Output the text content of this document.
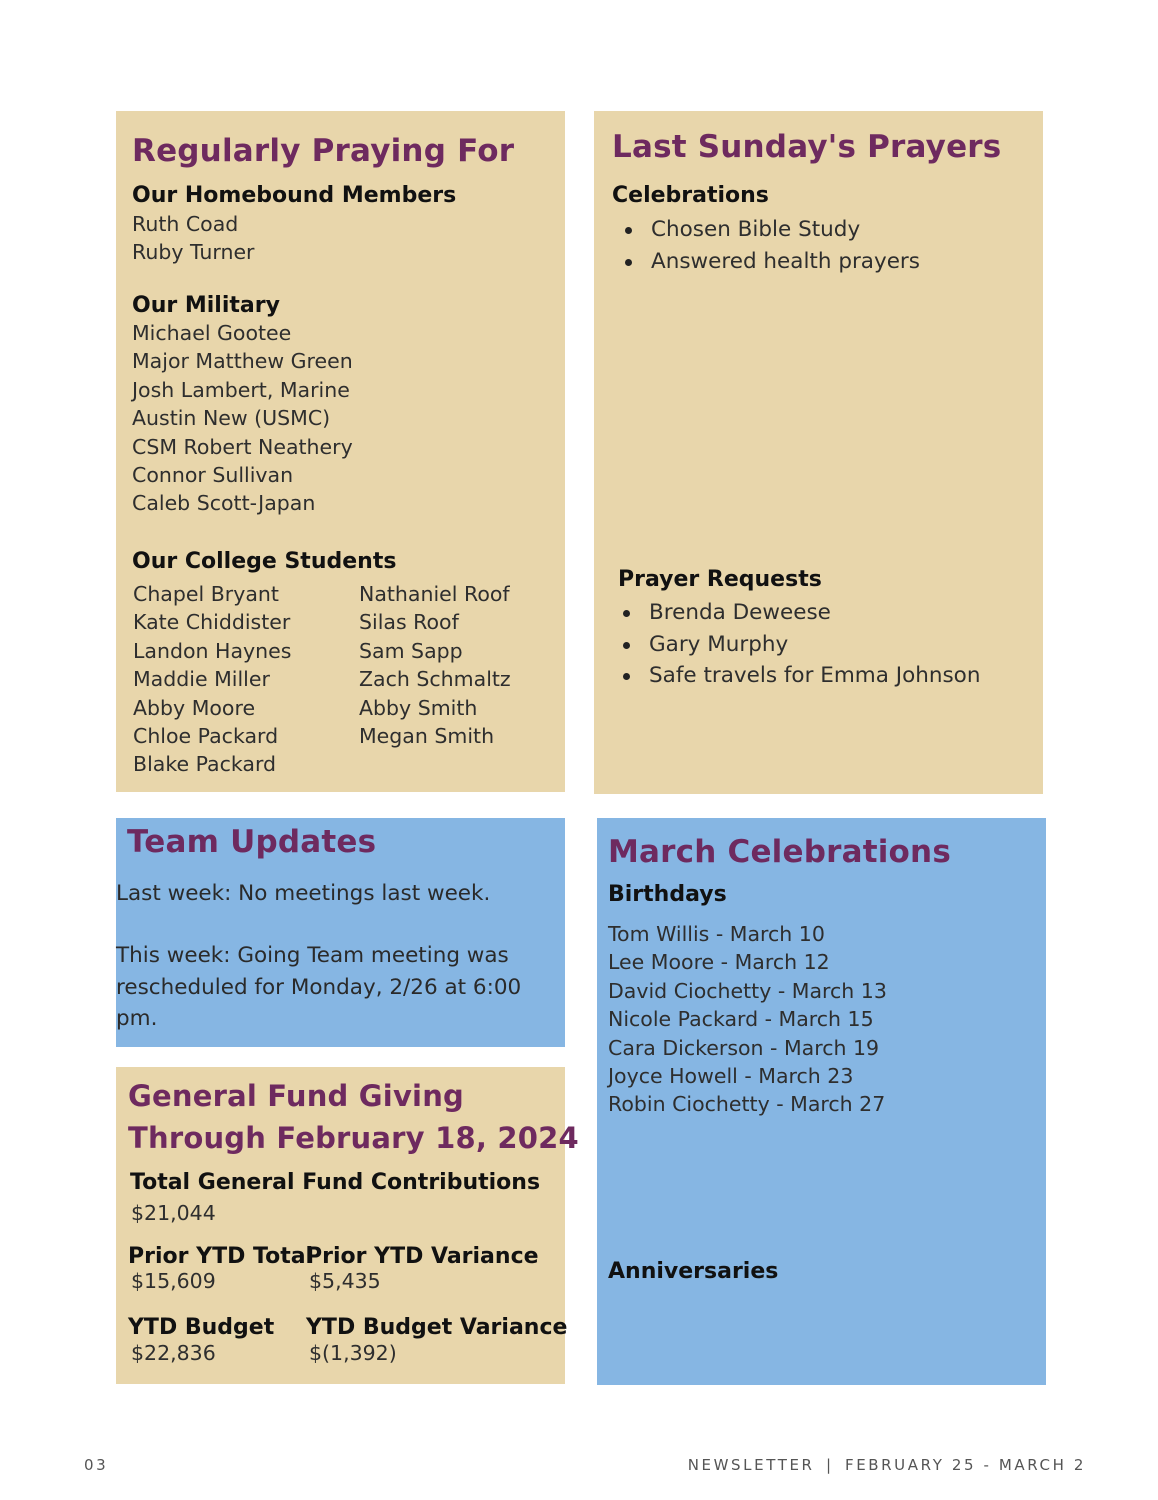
Regularly Praying For
Our Homebound Members
Ruth Coad
Ruby Turner
Our Military
Michael Gootee
Major Matthew Green
Josh Lambert, Marine
Austin New (USMC)
CSM Robert Neathery
Connor Sullivan
Caleb Scott-Japan
Our College Students
Chapel Bryant
Kate Chiddister
Landon Haynes
Maddie Miller
Abby Moore
Chloe Packard
Blake Packard
Nathaniel Roof
Silas Roof
Sam Sapp
Zach Schmaltz
Abby Smith
Megan Smith
Last Sunday's Prayers
Celebrations
Chosen Bible Study
Answered health prayers
Prayer Requests
Brenda Deweese
Gary Murphy
Safe travels for Emma Johnson
Team Updates

Last week: No meetings last week.

This week: Going Team meeting was rescheduled for Monday, 2/26 at 6:00 pm.

General Fund Giving
Through February 18, 2024
Total General Fund Contributions
$21,044
Prior YTD Total
$15,609
Prior YTD Variance
$5,435
YTD Budget
$22,836
YTD Budget Variance
$(1,392)
March Celebrations
Birthdays
Tom Willis - March 10
Lee Moore - March 12
David Ciochetty - March 13
Nicole Packard - March 15
Cara Dickerson - March 19
Joyce Howell - March 23
Robin Ciochetty - March 27
Anniversaries
03	NEWSLETTER | FEBRUARY 25 - MARCH 2
